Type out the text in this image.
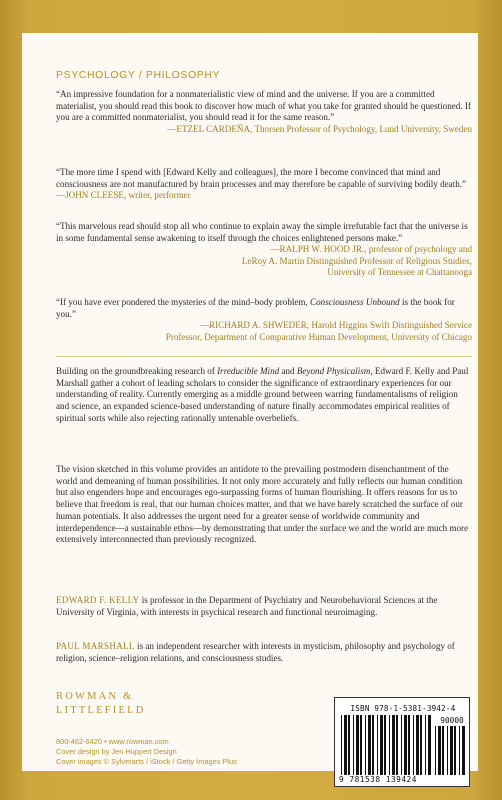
PSYCHOLOGY / PHILOSOPHY
“An impressive foundation for a nonmaterialistic view of mind and the universe. If you are a committed materialist, you should read this book to discover how much of what you take for granted should be questioned. If you are a committed nonmaterialist, you should read it for the same reason.”
—ETZEL CARDEÑA, Thorsen Professor of Psychology, Lund University, Sweden
“The more time I spend with [Edward Kelly and colleagues], the more I become convinced that mind and consciousness are not manufactured by brain processes and may therefore be capable of surviving bodily death.” —JOHN CLEESE, writer, performer
“This marvelous read should stop all who continue to explain away the simple irrefutable fact that the universe is in some fundamental sense awakening to itself through the choices enlightened persons make.”
—RALPH W. HOOD JR., professor of psychology and
LeRoy A. Martin Distinguished Professor of Religious Studies,
University of Tennessee at Chattanooga
“If you have ever pondered the mysteries of the mind–body problem, Consciousness Unbound is the book for you.”
—RICHARD A. SHWEDER, Harold Higgins Swift Distinguished Service
Professor, Department of Comparative Human Development, University of Chicago
Building on the groundbreaking research of Irreducible Mind and Beyond Physicalism, Edward F. Kelly and Paul Marshall gather a cohort of leading scholars to consider the significance of extraordinary experiences for our understanding of reality. Currently emerging as a middle ground between warring fundamentalisms of religion and science, an expanded science-based understanding of nature finally accommodates empirical realities of spiritual sorts while also rejecting rationally untenable overbeliefs.
The vision sketched in this volume provides an antidote to the prevailing postmodern disenchantment of the world and demeaning of human possibilities. It not only more accurately and fully reflects our human condition but also engenders hope and encourages ego-surpassing forms of human flourishing. It offers reasons for us to believe that freedom is real, that our human choices matter, and that we have barely scratched the surface of our human potentials. It also addresses the urgent need for a greater sense of worldwide community and interdependence—a sustainable ethos—by demonstrating that under the surface we and the world are much more extensively interconnected than previously recognized.
EDWARD F. KELLY is professor in the Department of Psychiatry and Neurobehavioral Sciences at the University of Virginia, with interests in psychical research and functional neuroimaging.
PAUL MARSHALL is an independent researcher with interests in mysticism, philosophy and psychology of religion, science–religion relations, and consciousness studies.
ROWMAN &
LITTLEFIELD
800-462-6420 • www.rowman.com
Cover design by Jen Huppert Design
Cover images © Sylverarts / iStock / Getty Images Plus
ISBN 978-1-5381-3942-4
90000
9 781538 139424
